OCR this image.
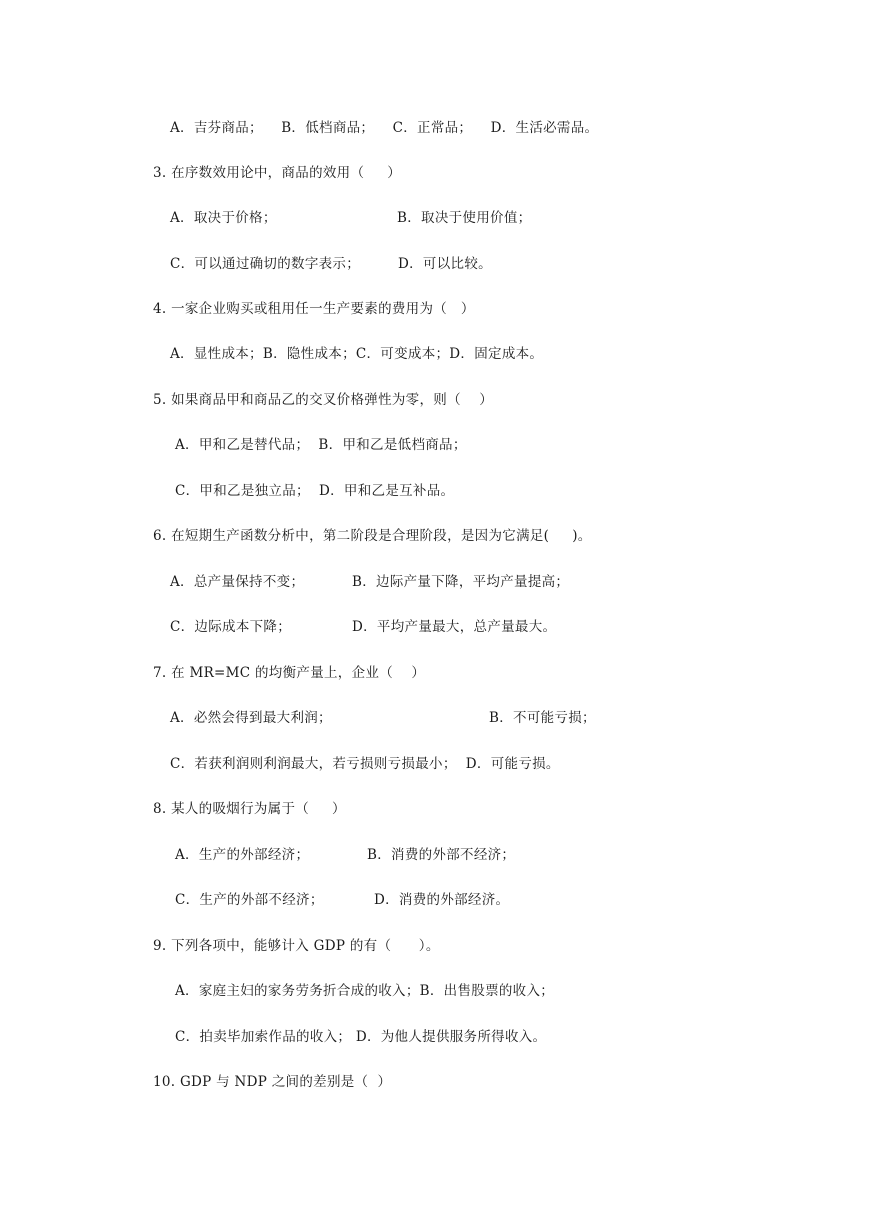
A．吉芬商品；    B．低档商品；    C．正常品；    D．生活必需品。
3. 在序数效用论中，商品的效用（     ）
A．取决于价格；	B．取决于使用价值；
C．可以通过确切的数字表示；	D．可以比较。
4. 一家企业购买或租用任一生产要素的费用为（   ）
A．显性成本；B．隐性成本；C．可变成本；D．固定成本。
5. 如果商品甲和商品乙的交叉价格弹性为零，则（    ）
A．甲和乙是替代品；  B．甲和乙是低档商品；
C．甲和乙是独立品；  D．甲和乙是互补品。
6. 在短期生产函数分析中，第二阶段是合理阶段，是因为它满足(     )。
A．总产量保持不变；	B．边际产量下降，平均产量提高；
C．边际成本下降；	D．平均产量最大，总产量最大。
7. 在 MR=MC 的均衡产量上，企业（    ）
A．必然会得到最大利润；	B．不可能亏损；
C．若获利润则利润最大，若亏损则亏损最小；  D．可能亏损。
8. 某人的吸烟行为属于（     ）
A．生产的外部经济；	B．消费的外部不经济；
C．生产的外部不经济；	D．消费的外部经济。
9. 下列各项中，能够计入 GDP 的有（      ）。
A．家庭主妇的家务劳务折合成的收入；B．出售股票的收入；
C．拍卖毕加索作品的收入； D．为他人提供服务所得收入。
10. GDP 与 NDP 之间的差别是（  ）
